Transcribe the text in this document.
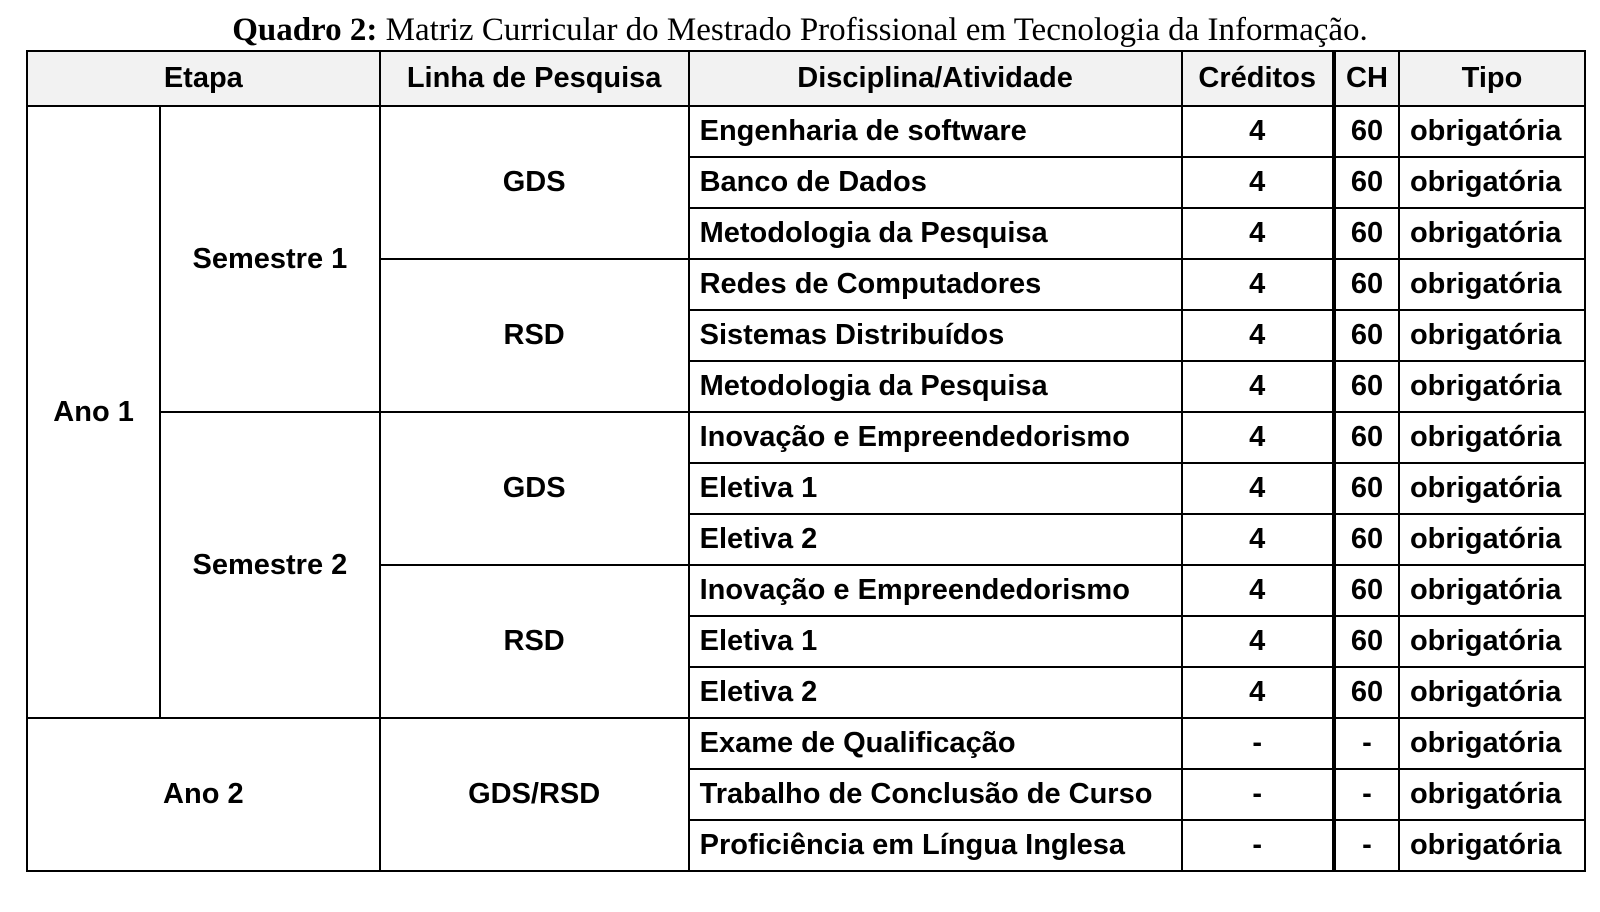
Quadro 2: Matriz Curricular do Mestrado Profissional em Tecnologia da Informação.
Etapa		Linha de Pesquisa	Disciplina/Atividade	Créditos	CH	Tipo
Ano 1	Semestre 1	GDS	Engenharia de software	4	60	obrigatória
			Banco de Dados	4	60	obrigatória
			Metodologia da Pesquisa	4	60	obrigatória
		RSD	Redes de Computadores	4	60	obrigatória
			Sistemas Distribuídos	4	60	obrigatória
			Metodologia da Pesquisa	4	60	obrigatória
	Semestre 2	GDS	Inovação e Empreendedorismo	4	60	obrigatória
			Eletiva 1	4	60	obrigatória
			Eletiva 2	4	60	obrigatória
		RSD	Inovação e Empreendedorismo	4	60	obrigatória
			Eletiva 1	4	60	obrigatória
			Eletiva 2	4	60	obrigatória
Ano 2		GDS/RSD	Exame de Qualificação	-	-	obrigatória
			Trabalho de Conclusão de Curso	-	-	obrigatória
			Proficiência em Língua Inglesa	-	-	obrigatória
